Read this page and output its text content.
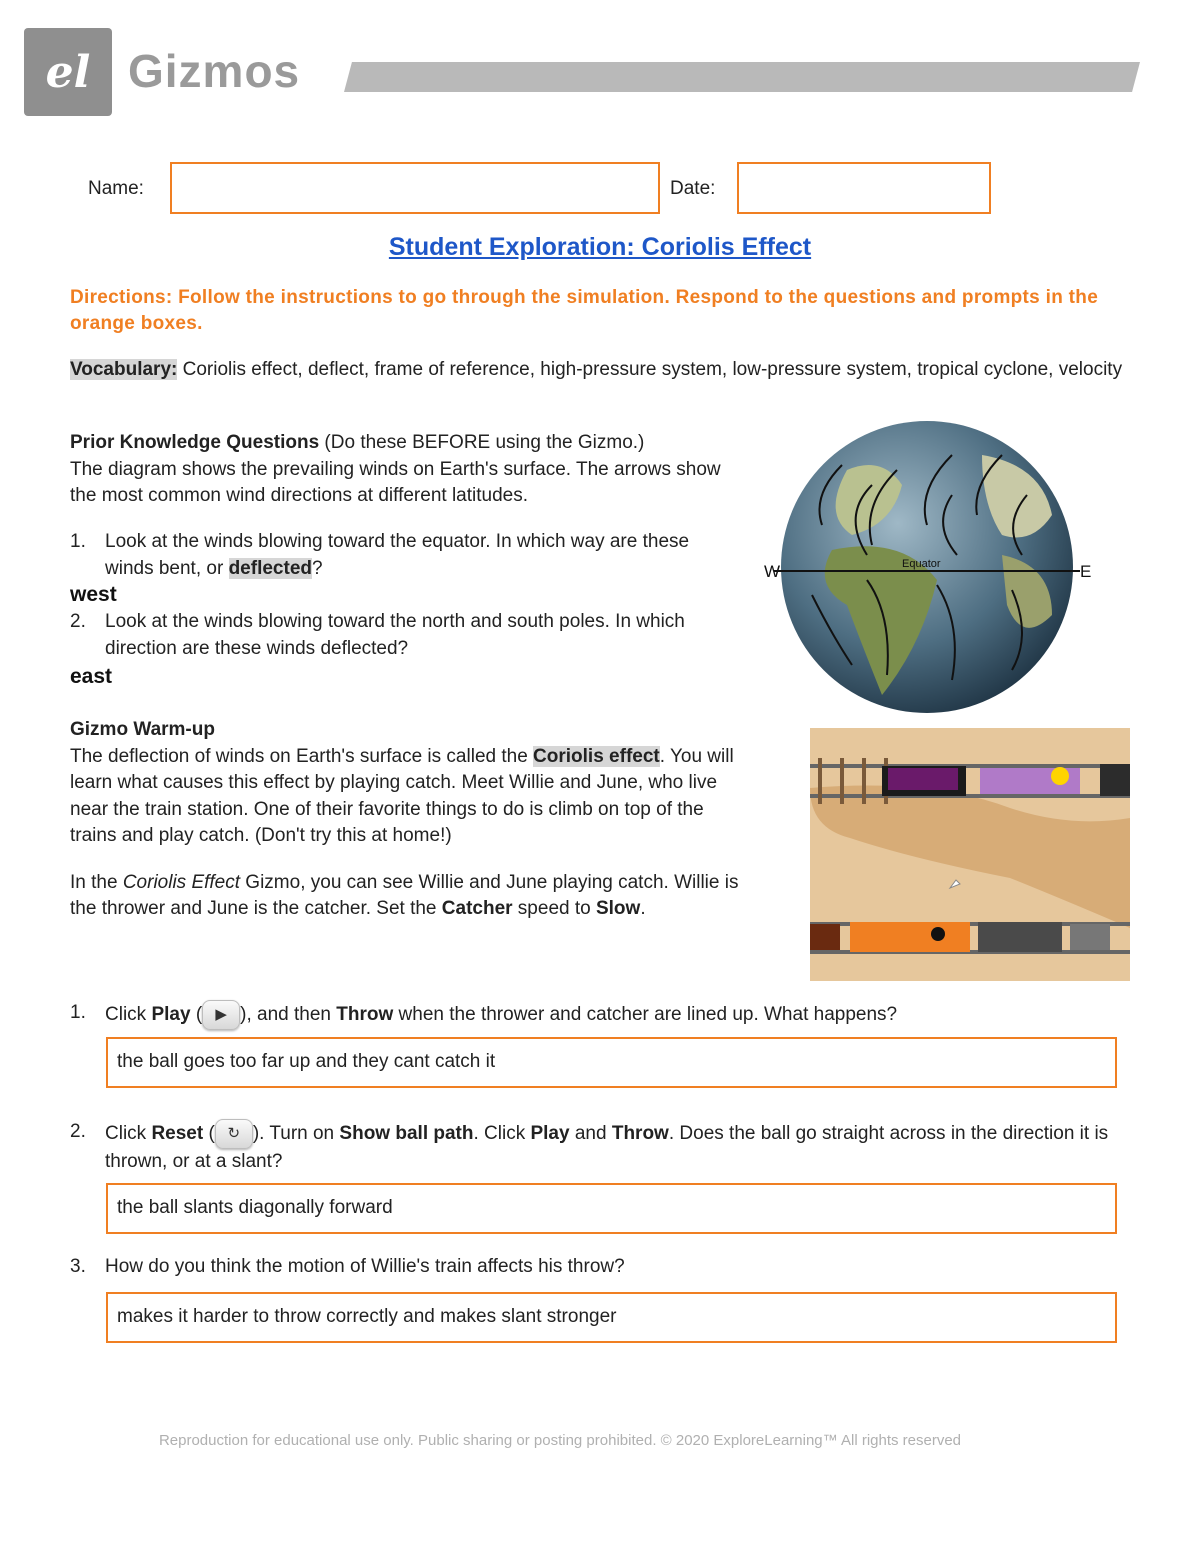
el Gizmos
Name:	Date:
Student Exploration: Coriolis Effect
Directions: Follow the instructions to go through the simulation. Respond to the questions and prompts in the orange boxes.
Vocabulary: Coriolis effect, deflect, frame of reference, high-pressure system, low-pressure system, tropical cyclone, velocity
Prior Knowledge Questions (Do these BEFORE using the Gizmo.)
The diagram shows the prevailing winds on Earth's surface. The arrows show the most common wind directions at different latitudes.
1. Look at the winds blowing toward the equator. In which way are these winds bent, or deflected?
west
2. Look at the winds blowing toward the north and south poles. In which direction are these winds deflected?
east
W	E
Equator
Gizmo Warm-up
The deflection of winds on Earth's surface is called the Coriolis effect. You will learn what causes this effect by playing catch. Meet Willie and June, who live near the train station. One of their favorite things to do is climb on top of the trains and play catch. (Don't try this at home!)
In the Coriolis Effect Gizmo, you can see Willie and June playing catch. Willie is the thrower and June is the catcher. Set the Catcher speed to Slow.
1. Click Play ( ▶ ), and then Throw when the thrower and catcher are lined up. What happens?
the ball goes too far up and they cant catch it
2. Click Reset ( ↻ ). Turn on Show ball path. Click Play and Throw. Does the ball go straight across in the direction it is thrown, or at a slant?
the ball slants diagonally forward
3. How do you think the motion of Willie's train affects his throw?
makes it harder to throw correctly and makes slant stronger
Reproduction for educational use only. Public sharing or posting prohibited. © 2020 ExploreLearning™ All rights reserved
